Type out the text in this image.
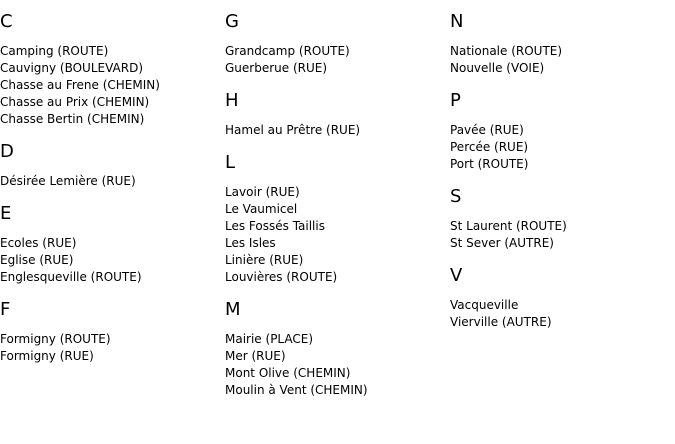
C
Camping (ROUTE)
Cauvigny (BOULEVARD)
Chasse au Frene (CHEMIN)
Chasse au Prix (CHEMIN)
Chasse Bertin (CHEMIN)
D
Désirée Lemière (RUE)
E
Ecoles (RUE)
Eglise (RUE)
Englesqueville (ROUTE)
F
Formigny (ROUTE)
Formigny (RUE)
G
Grandcamp (ROUTE)
Guerberue (RUE)
H
Hamel au Prêtre (RUE)
L
Lavoir (RUE)
Le Vaumicel
Les Fossés Taillis
Les Isles
Linière (RUE)
Louvières (ROUTE)
M
Mairie (PLACE)
Mer (RUE)
Mont Olive (CHEMIN)
Moulin à Vent (CHEMIN)
N
Nationale (ROUTE)
Nouvelle (VOIE)
P
Pavée (RUE)
Percée (RUE)
Port (ROUTE)
S
St Laurent (ROUTE)
St Sever (AUTRE)
V
Vacqueville
Vierville (AUTRE)
